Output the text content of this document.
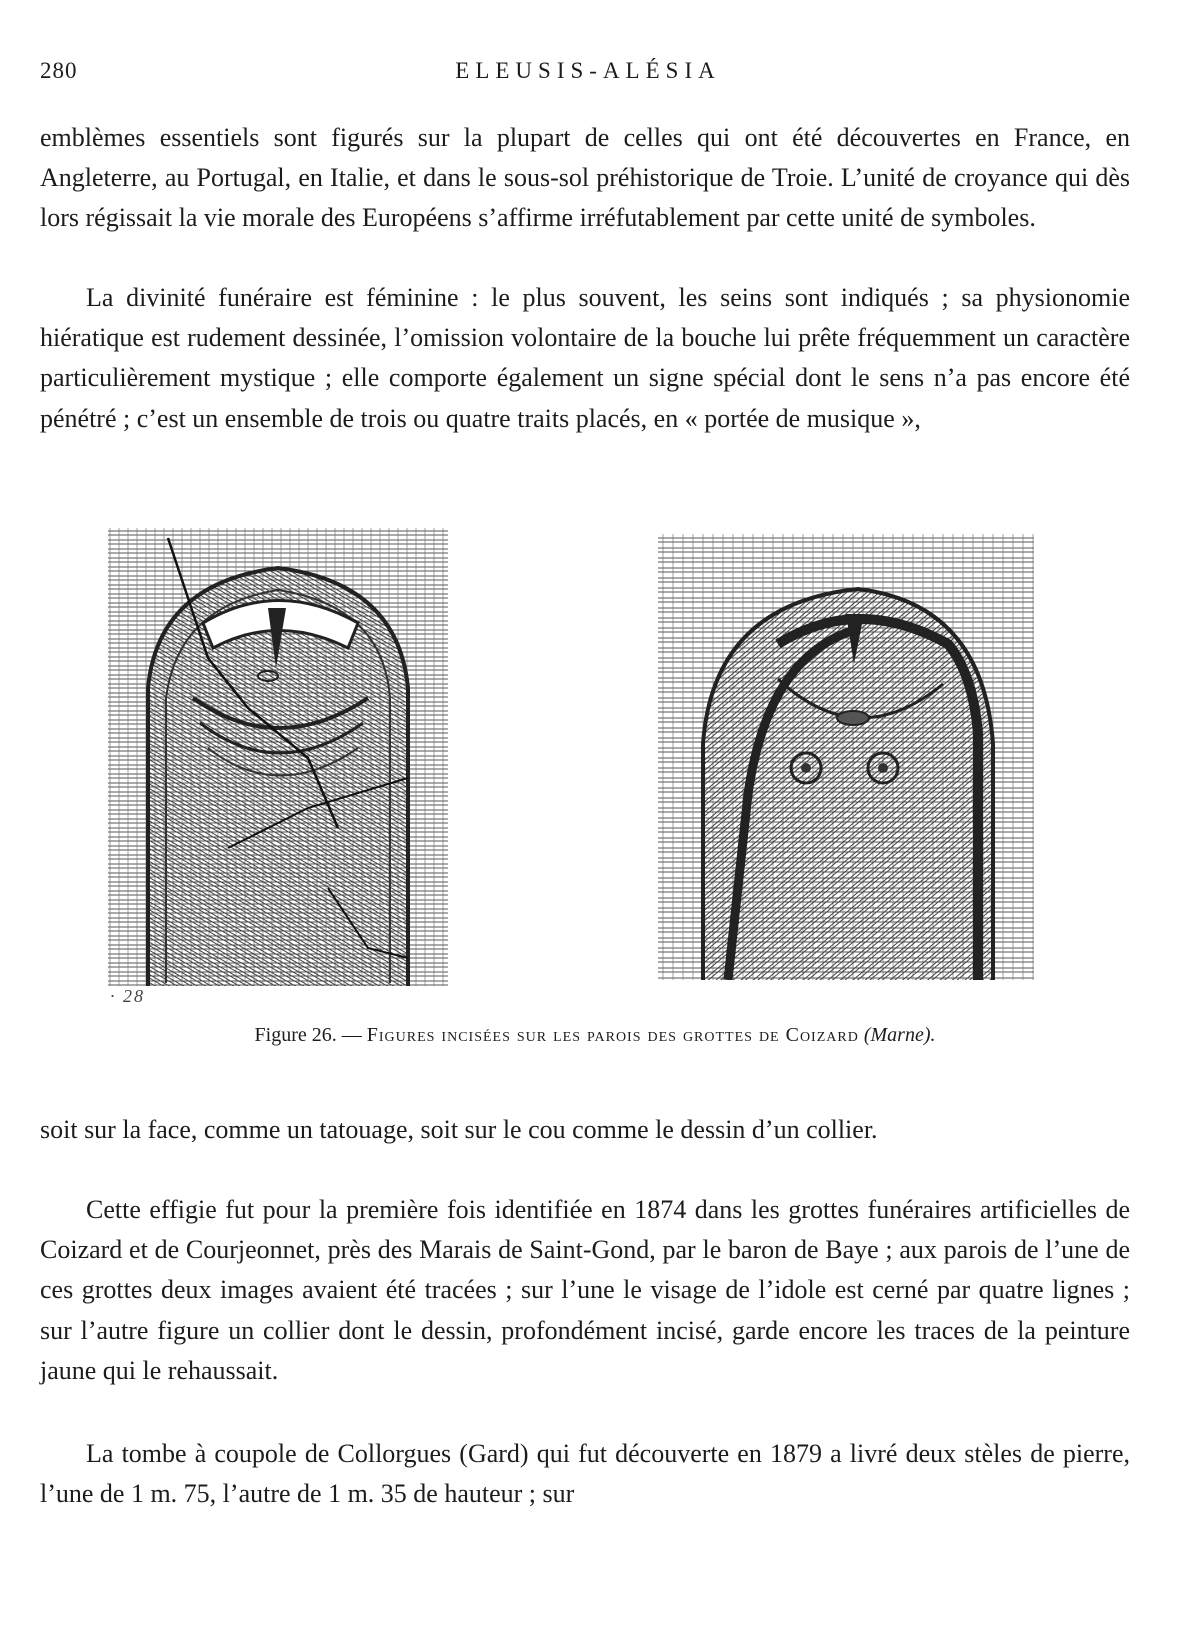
280	ELEUSIS-ALÉSIA

emblèmes essentiels sont figurés sur la plupart de celles qui ont été découvertes en France, en Angleterre, au Portugal, en Italie, et dans le sous-sol préhistorique de Troie. L’unité de croyance qui dès lors régissait la vie morale des Européens s’affirme irréfutablement par cette unité de symboles.

La divinité funéraire est féminine : le plus souvent, les seins sont indiqués ; sa physionomie hiératique est rudement dessinée, l’omission volontaire de la bouche lui prête fréquemment un caractère particulièrement mystique ; elle comporte également un signe spécial dont le sens n’a pas encore été pénétré ; c’est un ensemble de trois ou quatre traits placés, en « portée de musique »,

· 28
Figure 26. — Figures incisées sur les parois des grottes de Coizard (Marne).

soit sur la face, comme un tatouage, soit sur le cou comme le dessin d’un collier.

Cette effigie fut pour la première fois identifiée en 1874 dans les grottes funéraires artificielles de Coizard et de Courjeonnet, près des Marais de Saint-Gond, par le baron de Baye ; aux parois de l’une de ces grottes deux images avaient été tracées ; sur l’une le visage de l’idole est cerné par quatre lignes ; sur l’autre figure un collier dont le dessin, profondément incisé, garde encore les traces de la peinture jaune qui le rehaussait.

La tombe à coupole de Collorgues (Gard) qui fut découverte en 1879 a livré deux stèles de pierre, l’une de 1 m. 75, l’autre de 1 m. 35 de hauteur ; sur
